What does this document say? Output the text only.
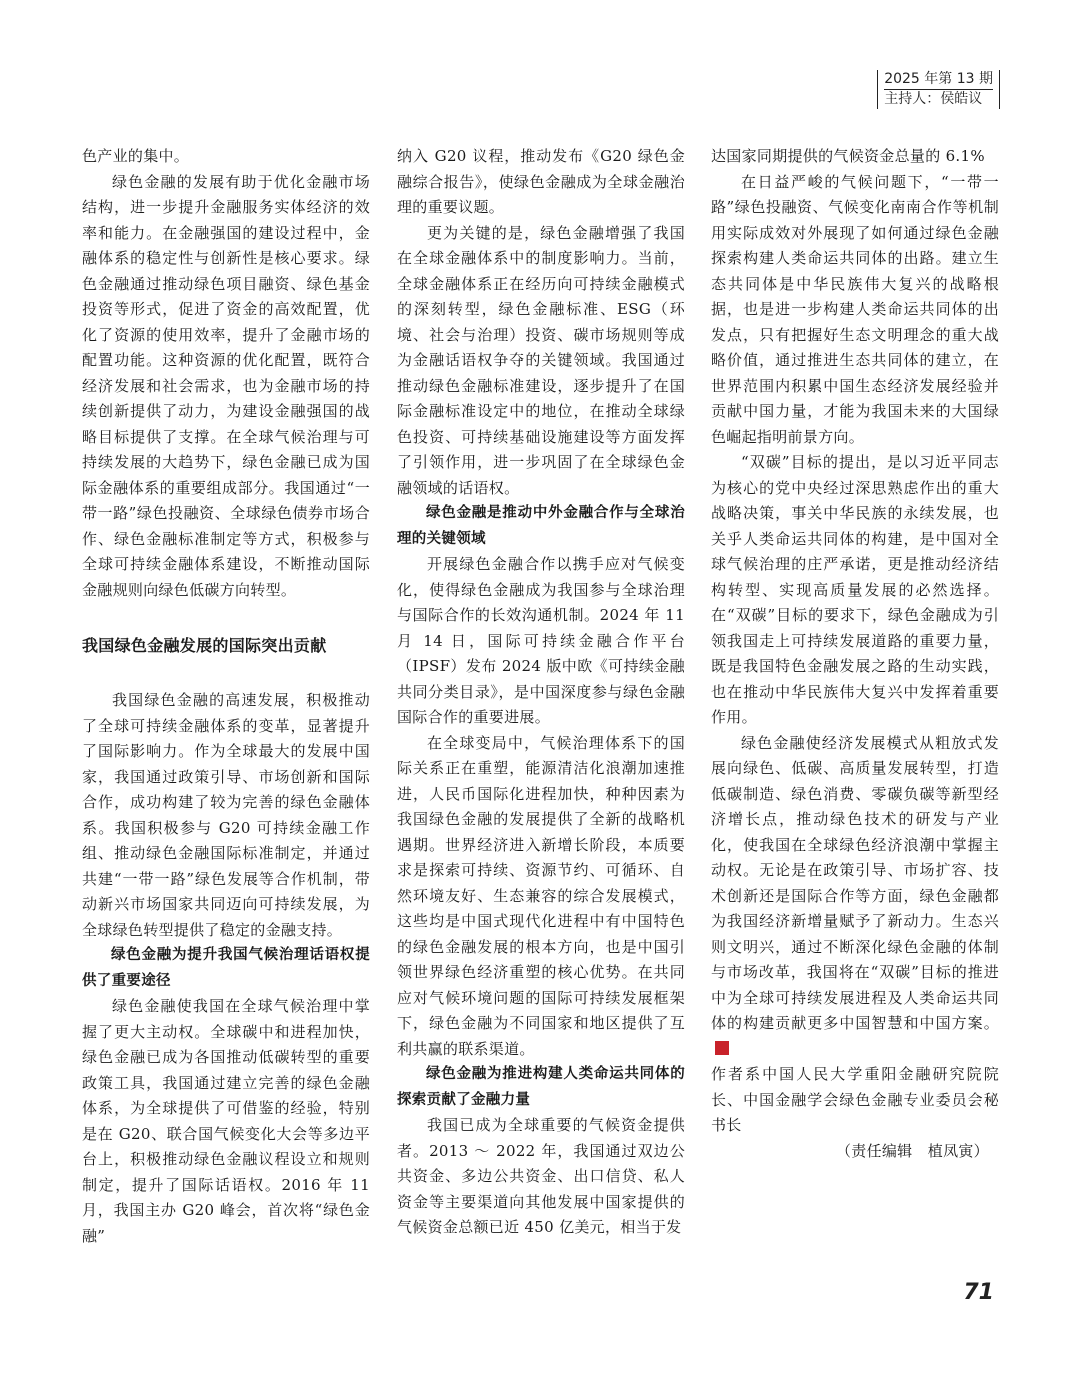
2025 年第 13 期
主持人：侯皓议

色产业的集中。

绿色金融的发展有助于优化金融市场结构，进一步提升金融服务实体经济的效率和能力。在金融强国的建设过程中，金融体系的稳定性与创新性是核心要求。绿色金融通过推动绿色项目融资、绿色基金投资等形式，促进了资金的高效配置，优化了资源的使用效率，提升了金融市场的配置功能。这种资源的优化配置，既符合经济发展和社会需求，也为金融市场的持续创新提供了动力，为建设金融强国的战略目标提供了支撑。在全球气候治理与可持续发展的大趋势下，绿色金融已成为国际金融体系的重要组成部分。我国通过“一带一路”绿色投融资、全球绿色债券市场合作、绿色金融标准制定等方式，积极参与全球可持续金融体系建设，不断推动国际金融规则向绿色低碳方向转型。

我国绿色金融发展的国际突出贡献

我国绿色金融的高速发展，积极推动了全球可持续金融体系的变革，显著提升了国际影响力。作为全球最大的发展中国家，我国通过政策引导、市场创新和国际合作，成功构建了较为完善的绿色金融体系。我国积极参与 G20 可持续金融工作组、推动绿色金融国际标准制定，并通过共建“一带一路”绿色发展等合作机制，带动新兴市场国家共同迈向可持续发展，为全球绿色转型提供了稳定的金融支持。

绿色金融为提升我国气候治理话语权提供了重要途径

绿色金融使我国在全球气候治理中掌握了更大主动权。全球碳中和进程加快，绿色金融已成为各国推动低碳转型的重要政策工具，我国通过建立完善的绿色金融体系，为全球提供了可借鉴的经验，特别是在 G20、联合国气候变化大会等多边平台上，积极推动绿色金融议程设立和规则制定，提升了国际话语权。2016 年 11 月，我国主办 G20 峰会，首次将“绿色金融”

纳入 G20 议程，推动发布《G20 绿色金融综合报告》，使绿色金融成为全球金融治理的重要议题。

更为关键的是，绿色金融增强了我国在全球金融体系中的制度影响力。当前，全球金融体系正在经历向可持续金融模式的深刻转型，绿色金融标准、ESG（环境、社会与治理）投资、碳市场规则等成为金融话语权争夺的关键领域。我国通过推动绿色金融标准建设，逐步提升了在国际金融标准设定中的地位，在推动全球绿色投资、可持续基础设施建设等方面发挥了引领作用，进一步巩固了在全球绿色金融领域的话语权。

绿色金融是推动中外金融合作与全球治理的关键领域

开展绿色金融合作以携手应对气候变化，使得绿色金融成为我国参与全球治理与国际合作的长效沟通机制。2024 年 11 月 14 日，国际可持续金融合作平台（IPSF）发布 2024 版中欧《可持续金融共同分类目录》，是中国深度参与绿色金融国际合作的重要进展。

在全球变局中，气候治理体系下的国际关系正在重塑，能源清洁化浪潮加速推进，人民币国际化进程加快，种种因素为我国绿色金融的发展提供了全新的战略机遇期。世界经济进入新增长阶段，本质要求是探索可持续、资源节约、可循环、自然环境友好、生态兼容的综合发展模式，这些均是中国式现代化进程中有中国特色的绿色金融发展的根本方向，也是中国引领世界绿色经济重塑的核心优势。在共同应对气候环境问题的国际可持续发展框架下，绿色金融为不同国家和地区提供了互利共赢的联系渠道。

绿色金融为推进构建人类命运共同体的探索贡献了金融力量

我国已成为全球重要的气候资金提供者。2013 ～ 2022 年，我国通过双边公共资金、多边公共资金、出口信贷、私人资金等主要渠道向其他发展中国家提供的气候资金总额已近 450 亿美元，相当于发

达国家同期提供的气候资金总量的 6.1%

在日益严峻的气候问题下，“一带一路”绿色投融资、气候变化南南合作等机制用实际成效对外展现了如何通过绿色金融探索构建人类命运共同体的出路。建立生态共同体是中华民族伟大复兴的战略根据，也是进一步构建人类命运共同体的出发点，只有把握好生态文明理念的重大战略价值，通过推进生态共同体的建立，在世界范围内积累中国生态经济发展经验并贡献中国力量，才能为我国未来的大国绿色崛起指明前景方向。

“双碳”目标的提出，是以习近平同志为核心的党中央经过深思熟虑作出的重大战略决策，事关中华民族的永续发展，也关乎人类命运共同体的构建，是中国对全球气候治理的庄严承诺，更是推动经济结构转型、实现高质量发展的必然选择。在“双碳”目标的要求下，绿色金融成为引领我国走上可持续发展道路的重要力量，既是我国特色金融发展之路的生动实践，也在推动中华民族伟大复兴中发挥着重要作用。

绿色金融使经济发展模式从粗放式发展向绿色、低碳、高质量发展转型，打造低碳制造、绿色消费、零碳负碳等新型经济增长点，推动绿色技术的研发与产业化，使我国在全球绿色经济浪潮中掌握主动权。无论是在政策引导、市场扩容、技术创新还是国际合作等方面，绿色金融都为我国经济新增量赋予了新动力。生态兴则文明兴，通过不断深化绿色金融的体制与市场改革，我国将在“双碳”目标的推进中为全球可持续发展进程及人类命运共同体的构建贡献更多中国智慧和中国方案。

作者系中国人民大学重阳金融研究院院长、中国金融学会绿色金融专业委员会秘书长

（责任编辑　植凤寅）

71
